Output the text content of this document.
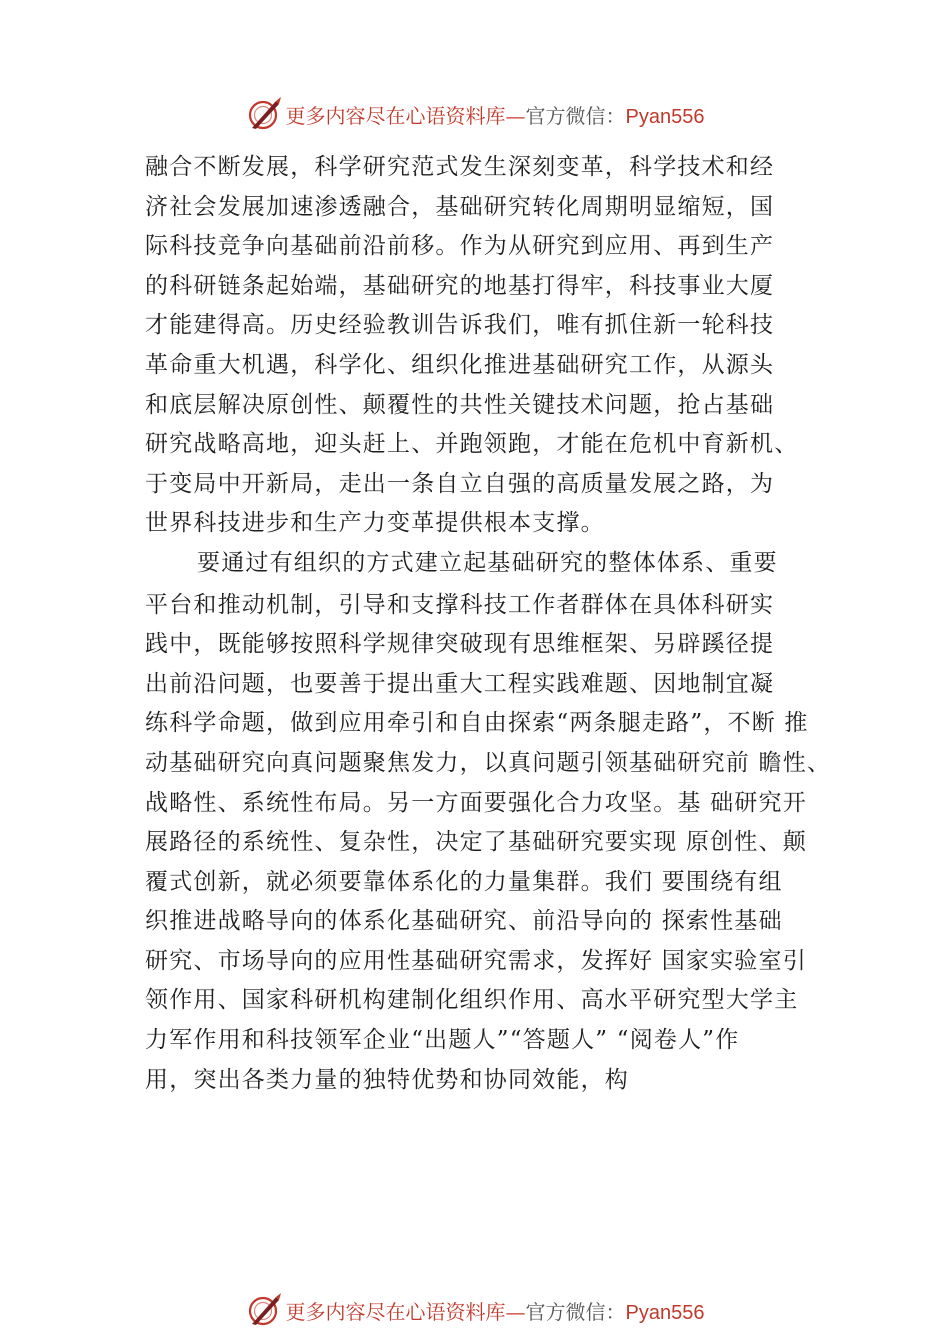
更多内容尽在心语资料库—官方微信：Pyan556
融合不断发展，科学研究范式发生深刻变革，科学技术和经
济社会发展加速渗透融合，基础研究转化周期明显缩短，国
际科技竞争向基础前沿前移。作为从研究到应用、再到生产
的科研链条起始端，基础研究的地基打得牢，科技事业大厦
才能建得高。历史经验教训告诉我们，唯有抓住新一轮科技
革命重大机遇，科学化、组织化推进基础研究工作，从源头
和底层解决原创性、颠覆性的共性关键技术问题，抢占基础
研究战略高地，迎头赶上、并跑领跑，才能在危机中育新机、
于变局中开新局，走出一条自立自强的高质量发展之路，为
世界科技进步和生产力变革提供根本支撑。
要通过有组织的方式建立起基础研究的整体体系、重要
平台和推动机制，引导和支撑科技工作者群体在具体科研实
践中，既能够按照科学规律突破现有思维框架、另辟蹊径提
出前沿问题，也要善于提出重大工程实践难题、因地制宜凝
练科学命题，做到应用牵引和自由探索“两条腿走路”，不断 推
动基础研究向真问题聚焦发力，以真问题引领基础研究前 瞻性、
战略性、系统性布局。另一方面要强化合力攻坚。基 础研究开
展路径的系统性、复杂性，决定了基础研究要实现 原创性、颠
覆式创新，就必须要靠体系化的力量集群。我们 要围绕有组
织推进战略导向的体系化基础研究、前沿导向的 探索性基础
研究、市场导向的应用性基础研究需求，发挥好 国家实验室引
领作用、国家科研机构建制化组织作用、高水平研究型大学主
力军作用和科技领军企业“出题人”“答题人” “阅卷人”作
用，突出各类力量的独特优势和协同效能，构
更多内容尽在心语资料库—官方微信：Pyan556
